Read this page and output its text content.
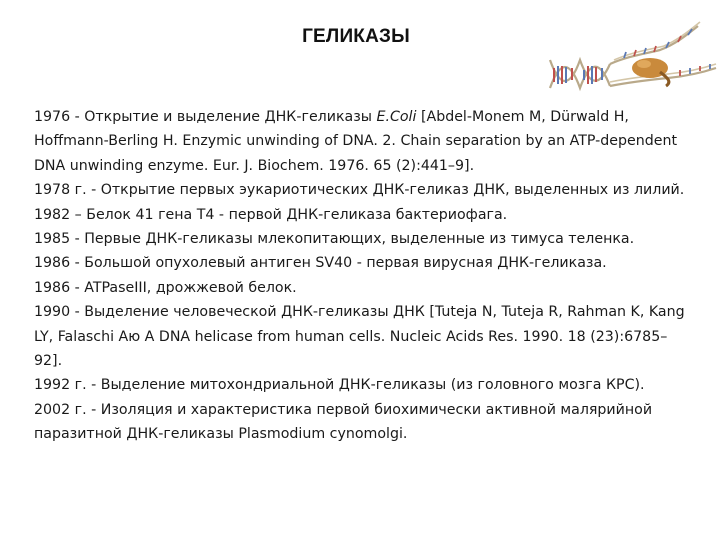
ГЕЛИКАЗЫ
1976 - Открытие и выделение ДНК-геликазы E.Coli [Abdel-Monem M, Dürwald H, Hoffmann-Berling H. Enzymic unwinding of DNA. 2. Chain separation by an ATP-dependent DNA unwinding enzyme. Eur. J. Biochem. 1976. 65 (2):441–9].
1978 г. - Открытие первых эукариотических ДНК-геликаз ДНК, выделенных из лилий.
1982 – Белок 41 гена T4 - первой ДНК-геликаза бактериофага.
1985 - Первые ДНК-геликазы млекопитающих, выделенные из тимуса теленка.
1986 - Большой опухолевый антиген SV40 - первая вирусная ДНК-геликаза.
1986 - ATPaseIII, дрожжевой белок.
1990 - Выделение человеческой ДНК-геликазы ДНК [Tuteja N, Tuteja R, Rahman K, Kang LY, Falaschi Aю A DNA helicase from human cells. Nucleic Acids Res. 1990. 18 (23):6785–92].
1992 г. - Выделение митохондриальной ДНК-геликазы (из головного мозга КРС).
2002 г. - Изоляция и характеристика первой биохимически активной малярийной паразитной ДНК-геликазы Plasmodium cynomolgi.
